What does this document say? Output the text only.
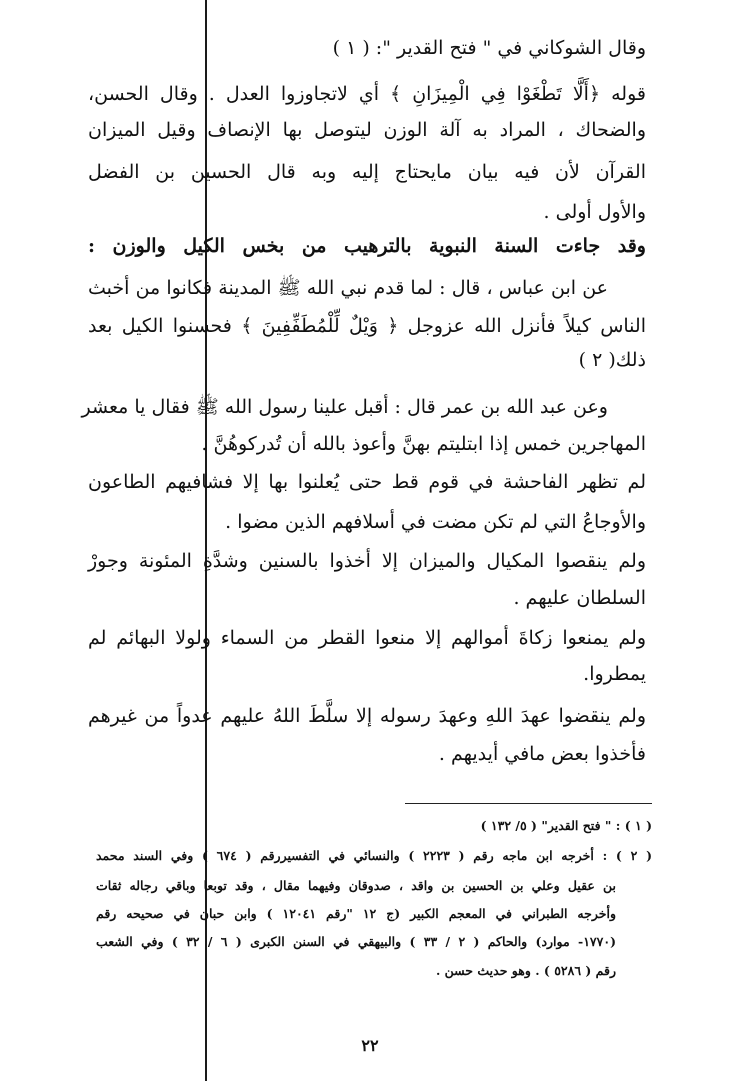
وقال الشوكاني في " فتح القدير ": ( ١ )
قوله ﴿أَلَّا تَطْغَوْا فِي الْمِيزَانِ ﴾ أي لاتجاوزوا العدل . وقال الحسن،
والضحاك ، المراد به آلة الوزن ليتوصل بها الإنصاف وقيل الميزان
القرآن لأن فيه بيان مايحتاج إليه وبه قال الحسين بن الفضل
والأول أولى .
وقد جاءت السنة النبوية بالترهيب من بخس الكيل والوزن :
عن ابن عباس ، قال : لما قدم نبي الله ﷺ المدينة فكانوا من أخبث
الناس كيلاً فأنزل الله عزوجل ﴿ وَيْلٌ لِّلْمُطَفِّفِينَ ﴾ فحسنوا الكيل بعد
ذلك( ٢ )
وعن عبد الله بن عمر قال : أقبل علينا رسول الله ﷺ فقال يا معشر
المهاجرين خمس إذا ابتليتم بهنَّ وأعوذ بالله أن تُدركوهُنَّ .
لم تظهر الفاحشة في قوم قط حتى يُعلنوا بها إلا فشافيهم الطاعون
والأوجاعُ التي لم تكن مضت في أسلافهم الذين مضوا .
ولم ينقصوا المكيال والميزان إلا أخذوا بالسنين وشدَّةِ المئونة وجورْ
السلطان عليهم .
ولم يمنعوا زكاةَ أموالهم إلا منعوا القطر من السماء ولولا البهائم لم
يمطروا.
ولم ينقضوا عهدَ اللهِ وعهدَ رسوله إلا سلَّطَ اللهُ عليهم عدواً من غيرهم
فأخذوا بعض مافي أيديهم .
( ١ ) : " فتح القدير" ( ٥/ ١٣٢ )
( ٢ ) : أخرجه ابن ماجه رقم ( ٢٢٢٣ ) والنسائي في التفسيررقم ( ٦٧٤ ) وفي السند محمد
بن عقيل وعلي بن الحسين بن واقد ، صدوقان وفيهما مقال ، وقد توبعا وباقي رجاله ثقات
وأخرجه الطبراني في المعجم الكبير (ج ١٢ "رقم ١٢٠٤١ ) وابن حبان في صحيحه رقم
(١٧٧٠- موارد) والحاكم ( ٢ / ٣٣ ) والبيهقي في السنن الكبرى ( ٦ / ٣٢ ) وفي الشعب
رقم ( ٥٢٨٦ ) . وهو حديث حسن .
٢٢
